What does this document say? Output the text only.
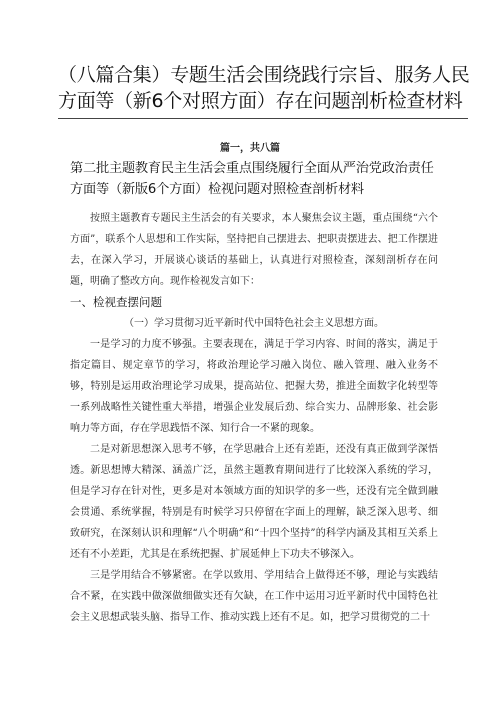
（八篇合集）专题生活会围绕践行宗旨、服务人民方面等（新6个对照方面）存在问题剖析检查材料
篇一，共八篇
第二批主题教育民主生活会重点围绕履行全面从严治党政治责任方面等（新版6个方面）检视问题对照检查剖析材料

按照主题教育专题民主生活会的有关要求，本人聚焦会议主题，重点围绕“六个方面”，联系个人思想和工作实际，坚持把自己摆进去、把职责摆进去、把工作摆进去，在深入学习，开展谈心谈话的基础上，认真进行对照检查，深刻剖析存在问题，明确了整改方向。现作检视发言如下：

一、检视查摆问题

（一）学习贯彻习近平新时代中国特色社会主义思想方面。

一是学习的力度不够强。主要表现在，满足于学习内容、时间的落实，满足于指定篇目、规定章节的学习，将政治理论学习融入岗位、融入管理、融入业务不够，特别是运用政治理论学习成果，提高站位、把握大势，推进全面数字化转型等一系列战略性关键性重大举措，增强企业发展后劲、综合实力、品牌形象、社会影响力等方面，存在学思践悟不深、知行合一不紧的现象。

二是对新思想深入思考不够，在学思融合上还有差距，还没有真正做到学深悟透。新思想博大精深、涵盖广泛，虽然主题教育期间进行了比较深入系统的学习，但是学习存在针对性，更多是对本领域方面的知识学的多一些，还没有完全做到融会贯通、系统掌握，特别是有时候学习只停留在字面上的理解，缺乏深入思考、细致研究，在深刻认识和理解“八个明确”和“十四个坚持”的科学内涵及其相互关系上还有不小差距，尤其是在系统把握、扩展延伸上下功夫不够深入。

三是学用结合不够紧密。在学以致用、学用结合上做得还不够，理论与实践结合不紧，在实践中做深做细做实还有欠缺，在工作中运用习近平新时代中国特色社会主义思想武装头脑、指导工作、推动实践上还有不足。如，把学习贯彻党的二十
